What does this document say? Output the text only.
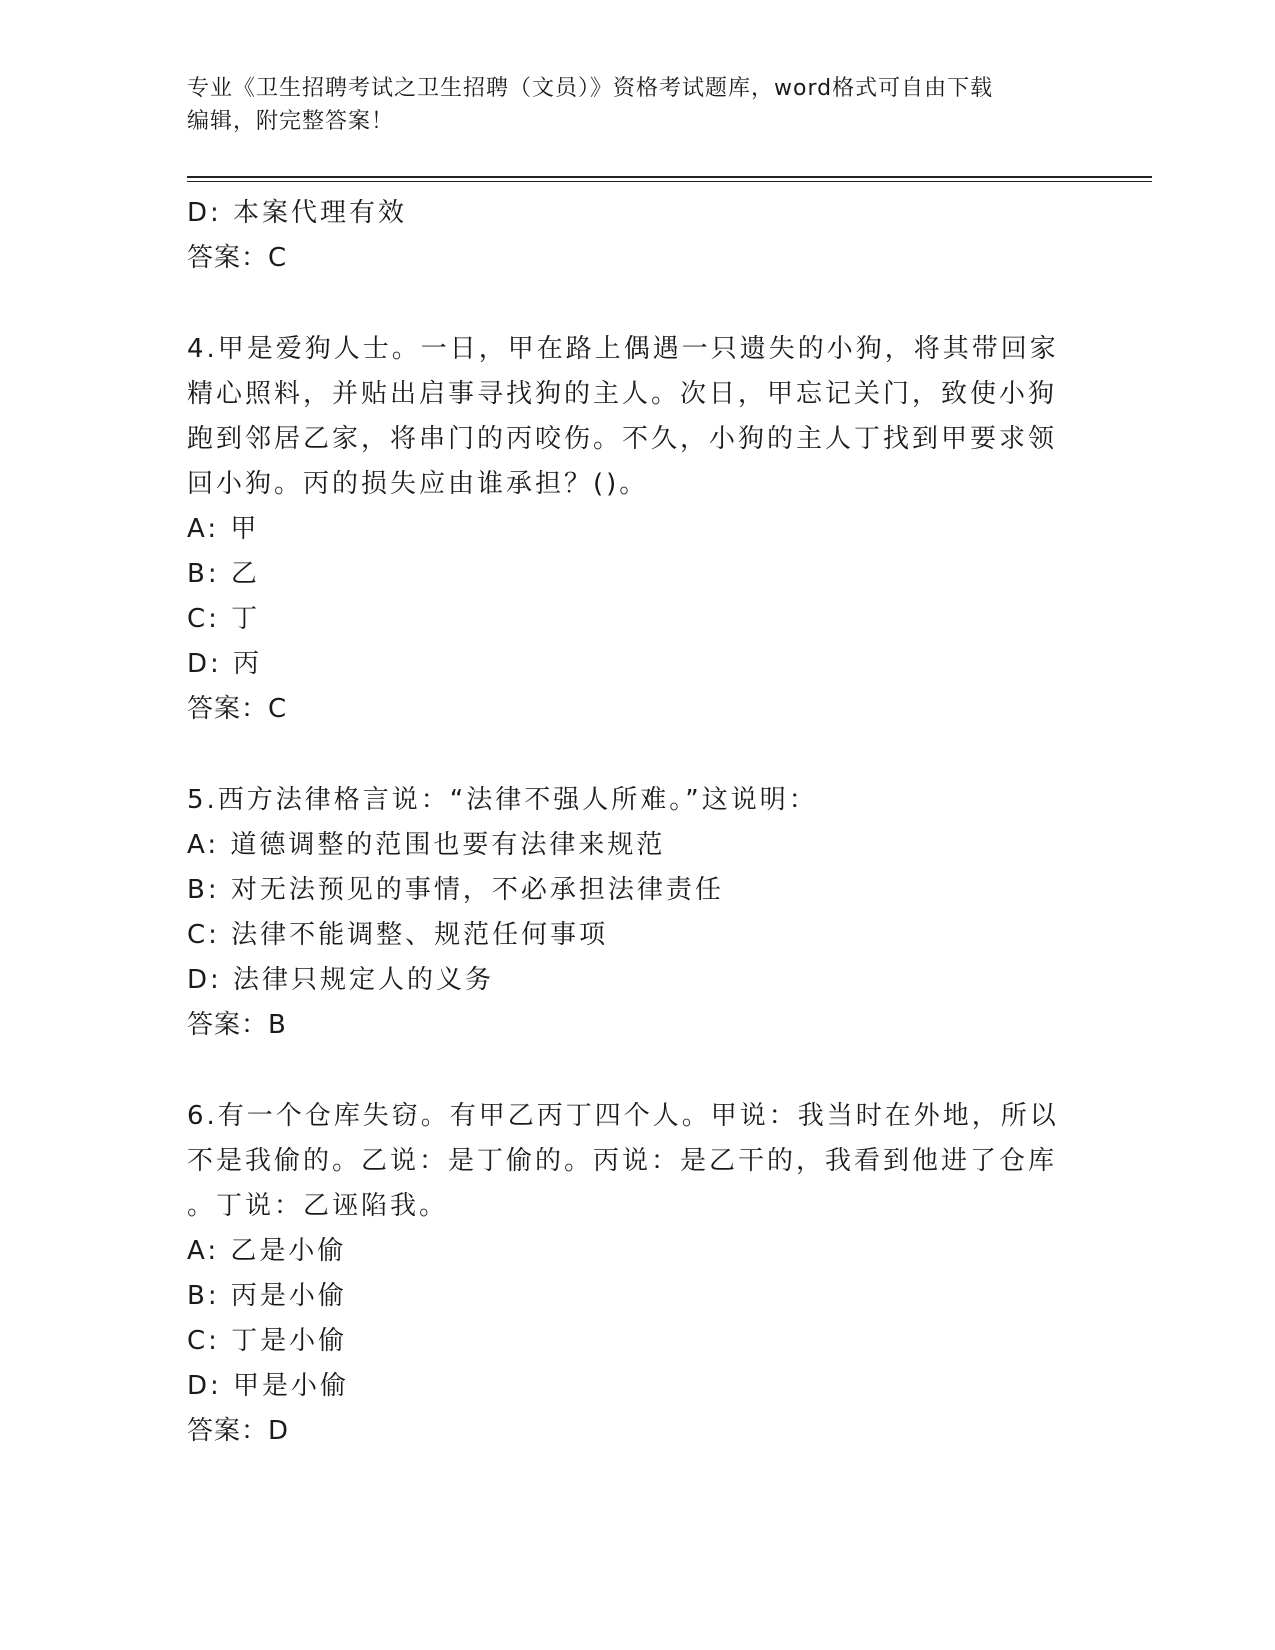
专业《卫生招聘考试之卫生招聘（文员）》资格考试题库，word格式可自由下载
编辑，附完整答案！
D: 本案代理有效
答案：C
4.甲是爱狗人士。一日，甲在路上偶遇一只遗失的小狗，将其带回家
精心照料，并贴出启事寻找狗的主人。次日，甲忘记关门，致使小狗
跑到邻居乙家，将串门的丙咬伤。不久，小狗的主人丁找到甲要求领
回小狗。丙的损失应由谁承担？()。
A: 甲
B: 乙
C: 丁
D: 丙
答案：C
5.西方法律格言说：“法律不强人所难。”这说明：
A: 道德调整的范围也要有法律来规范
B: 对无法预见的事情，不必承担法律责任
C: 法律不能调整、规范任何事项
D: 法律只规定人的义务
答案：B
6.有一个仓库失窃。有甲乙丙丁四个人。甲说：我当时在外地，所以
不是我偷的。乙说：是丁偷的。丙说：是乙干的，我看到他进了仓库
。丁说：乙诬陷我。
A: 乙是小偷
B: 丙是小偷
C: 丁是小偷
D: 甲是小偷
答案：D
